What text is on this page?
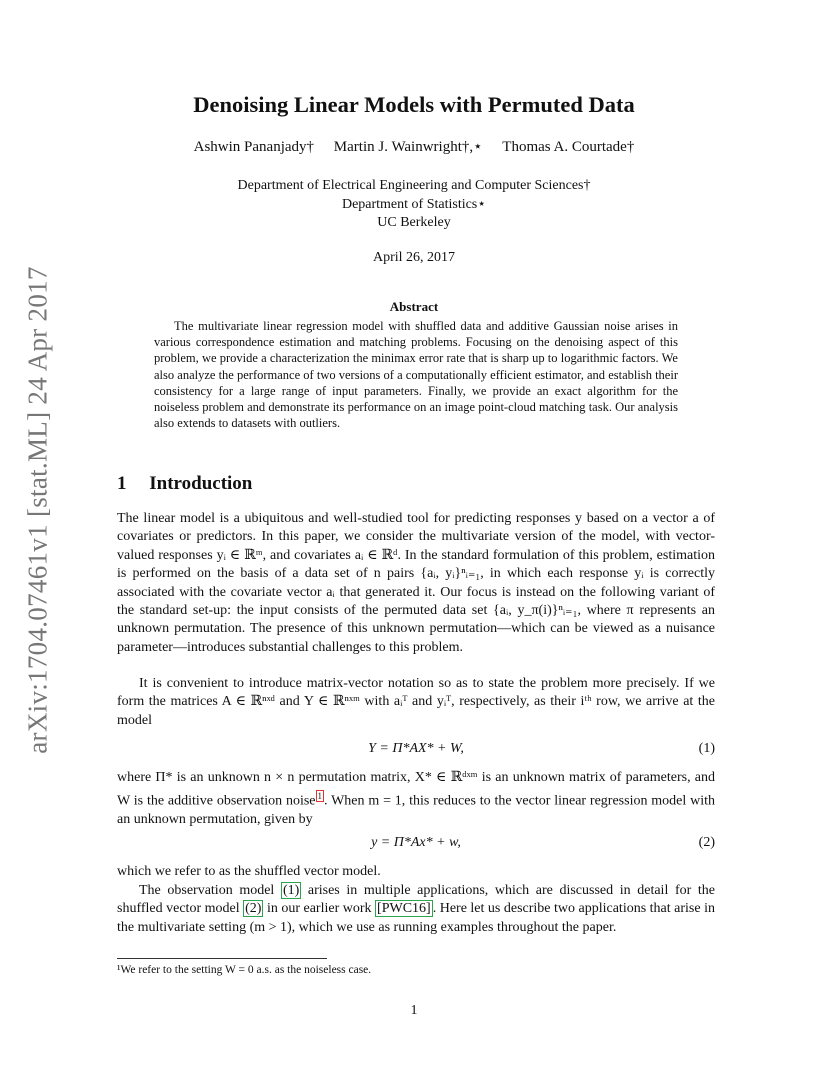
arXiv:1704.07461v1 [stat.ML] 24 Apr 2017
Denoising Linear Models with Permuted Data
Ashwin Pananjady† Martin J. Wainwright†,⋆ Thomas A. Courtade†
Department of Electrical Engineering and Computer Sciences†
Department of Statistics⋆
UC Berkeley
April 26, 2017
Abstract
The multivariate linear regression model with shuffled data and additive Gaussian noise arises in various correspondence estimation and matching problems. Focusing on the denoising aspect of this problem, we provide a characterization the minimax error rate that is sharp up to logarithmic factors. We also analyze the performance of two versions of a computationally efficient estimator, and establish their consistency for a large range of input parameters. Finally, we provide an exact algorithm for the noiseless problem and demonstrate its performance on an image point-cloud matching task. Our analysis also extends to datasets with outliers.
1 Introduction
The linear model is a ubiquitous and well-studied tool for predicting responses y based on a vector a of covariates or predictors. In this paper, we consider the multivariate version of the model, with vector-valued responses yᵢ ∈ ℝᵐ, and covariates aᵢ ∈ ℝᵈ. In the standard formulation of this problem, estimation is performed on the basis of a data set of n pairs {aᵢ, yᵢ}ⁿᵢ₌₁, in which each response yᵢ is correctly associated with the covariate vector aᵢ that generated it. Our focus is instead on the following variant of the standard set-up: the input consists of the permuted data set {aᵢ, y_π(i)}ⁿᵢ₌₁, where π represents an unknown permutation. The presence of this unknown permutation—which can be viewed as a nuisance parameter—introduces substantial challenges to this problem.
It is convenient to introduce matrix-vector notation so as to state the problem more precisely. If we form the matrices A ∈ ℝⁿˣᵈ and Y ∈ ℝⁿˣᵐ with aᵢᵀ and yᵢᵀ, respectively, as their iᵗʰ row, we arrive at the model
Y = Π*AX* + W,	(1)
where Π* is an unknown n × n permutation matrix, X* ∈ ℝᵈˣᵐ is an unknown matrix of parameters, and W is the additive observation noise $^1$ . When m = 1, this reduces to the vector linear regression model with an unknown permutation, given by
y = Π*Ax* + w,	(2)
which we refer to as the shuffled vector model.
The observation model (1) arises in multiple applications, which are discussed in detail for the shuffled vector model (2) in our earlier work [PWC16] . Here let us describe two applications that arise in the multivariate setting (m > 1), which we use as running examples throughout the paper.
¹We refer to the setting W = 0 a.s. as the noiseless case.
1
